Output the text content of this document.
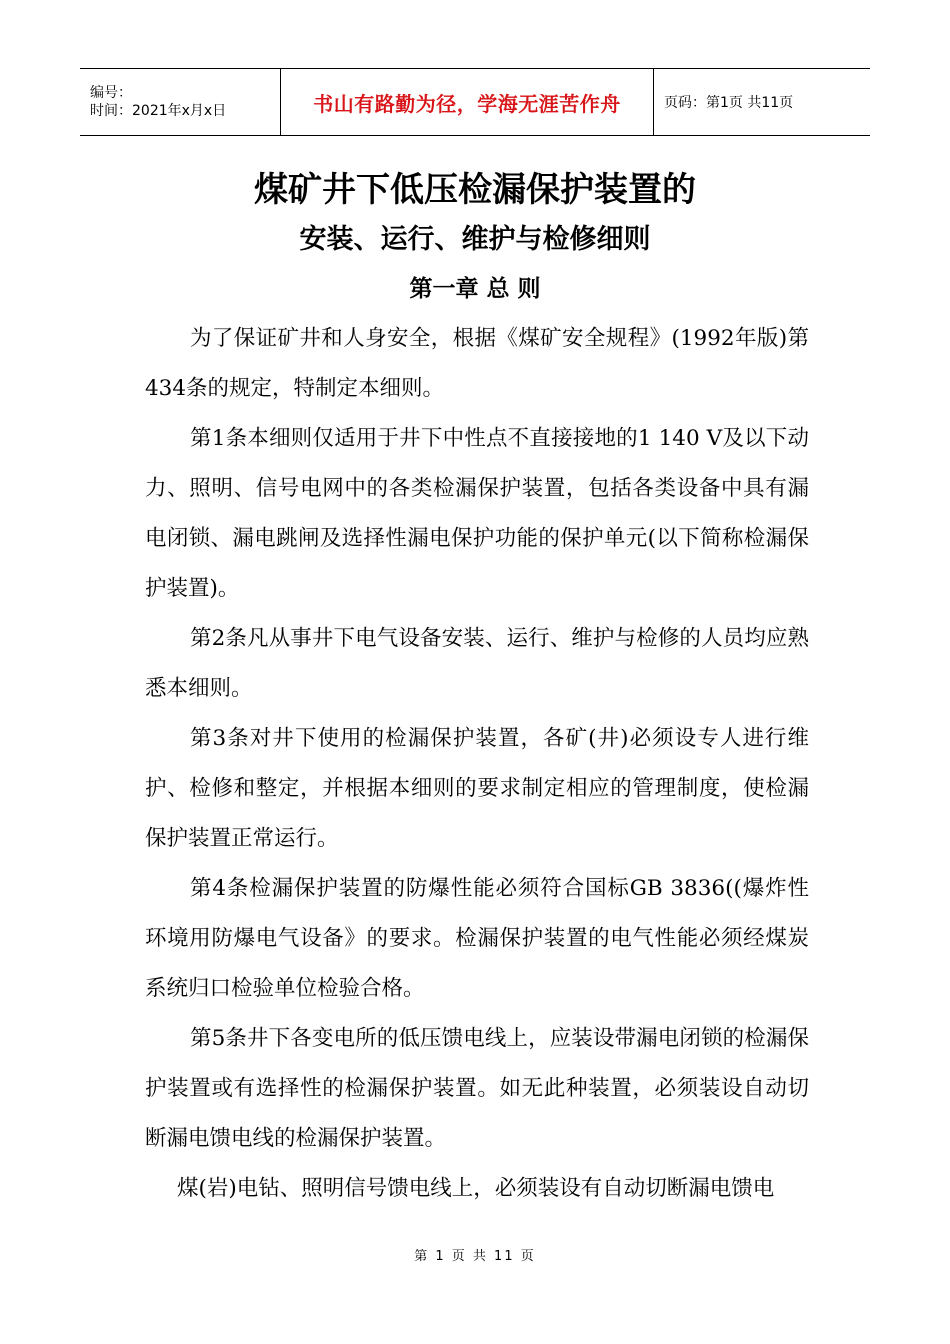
编号：
时间：2021年x月x日	书山有路勤为径，学海无涯苦作舟	页码：第1页 共11页
煤矿井下低压检漏保护装置的
安装、运行、维护与检修细则
第一章 总 则

为了保证矿井和人身安全，根据《煤矿安全规程》(1992年版)第434条的规定，特制定本细则。

第1条本细则仅适用于井下中性点不直接接地的1 140 V及以下动力、照明、信号电网中的各类检漏保护装置，包括各类设备中具有漏电闭锁、漏电跳闸及选择性漏电保护功能的保护单元(以下简称检漏保护装置)。

第2条凡从事井下电气设备安装、运行、维护与检修的人员均应熟悉本细则。

第3条对井下使用的检漏保护装置，各矿(井)必须设专人进行维护、检修和整定，并根据本细则的要求制定相应的管理制度，使检漏保护装置正常运行。

第4条检漏保护装置的防爆性能必须符合国标GB 3836((爆炸性环境用防爆电气设备》的要求。检漏保护装置的电气性能必须经煤炭系统归口检验单位检验合格。

第5条井下各变电所的低压馈电线上，应装设带漏电闭锁的检漏保护装置或有选择性的检漏保护装置。如无此种装置，必须装设自动切断漏电馈电线的检漏保护装置。

煤(岩)电钻、照明信号馈电线上，必须装设有自动切断漏电馈电

第 1 页 共 11 页
